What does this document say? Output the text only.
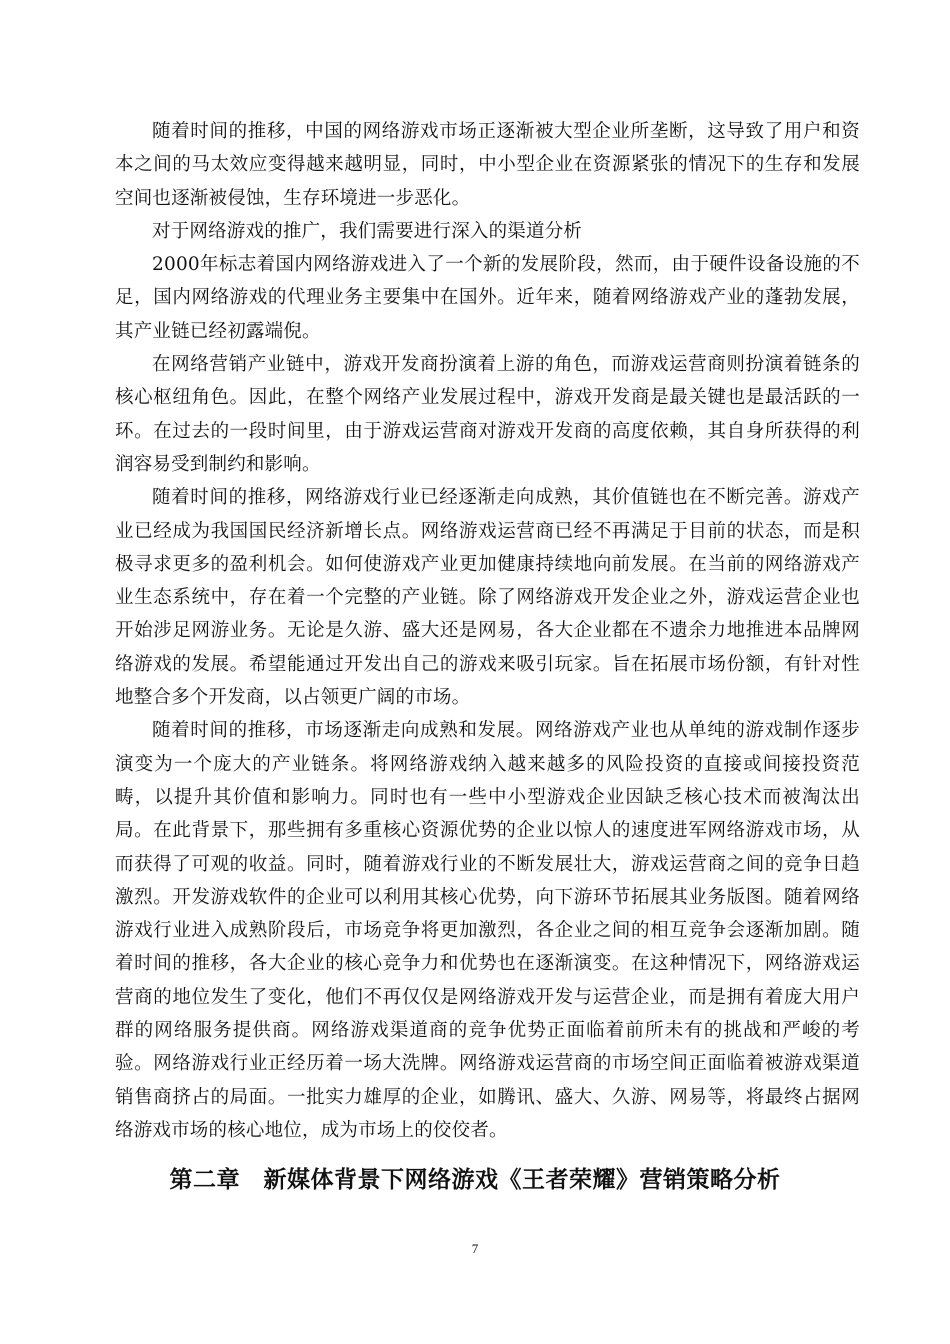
随着时间的推移，中国的网络游戏市场正逐渐被大型企业所垄断，这导致了用户和资本之间的马太效应变得越来越明显，同时，中小型企业在资源紧张的情况下的生存和发展空间也逐渐被侵蚀，生存环境进一步恶化。

对于网络游戏的推广，我们需要进行深入的渠道分析

2000年标志着国内网络游戏进入了一个新的发展阶段，然而，由于硬件设备设施的不足，国内网络游戏的代理业务主要集中在国外。近年来，随着网络游戏产业的蓬勃发展，其产业链已经初露端倪。

在网络营销产业链中，游戏开发商扮演着上游的角色，而游戏运营商则扮演着链条的核心枢纽角色。因此，在整个网络产业发展过程中，游戏开发商是最关键也是最活跃的一环。在过去的一段时间里，由于游戏运营商对游戏开发商的高度依赖，其自身所获得的利润容易受到制约和影响。

随着时间的推移，网络游戏行业已经逐渐走向成熟，其价值链也在不断完善。游戏产业已经成为我国国民经济新增长点。网络游戏运营商已经不再满足于目前的状态，而是积极寻求更多的盈利机会。如何使游戏产业更加健康持续地向前发展。在当前的网络游戏产业生态系统中，存在着一个完整的产业链。除了网络游戏开发企业之外，游戏运营企业也开始涉足网游业务。无论是久游、盛大还是网易，各大企业都在不遗余力地推进本品牌网络游戏的发展。希望能通过开发出自己的游戏来吸引玩家。旨在拓展市场份额，有针对性地整合多个开发商，以占领更广阔的市场。

随着时间的推移，市场逐渐走向成熟和发展。网络游戏产业也从单纯的游戏制作逐步演变为一个庞大的产业链条。将网络游戏纳入越来越多的风险投资的直接或间接投资范畴，以提升其价值和影响力。同时也有一些中小型游戏企业因缺乏核心技术而被淘汰出局。在此背景下，那些拥有多重核心资源优势的企业以惊人的速度进军网络游戏市场，从而获得了可观的收益。同时，随着游戏行业的不断发展壮大，游戏运营商之间的竞争日趋激烈。开发游戏软件的企业可以利用其核心优势，向下游环节拓展其业务版图。随着网络游戏行业进入成熟阶段后，市场竞争将更加激烈，各企业之间的相互竞争会逐渐加剧。随着时间的推移，各大企业的核心竞争力和优势也在逐渐演变。在这种情况下，网络游戏运营商的地位发生了变化，他们不再仅仅是网络游戏开发与运营企业，而是拥有着庞大用户群的网络服务提供商。网络游戏渠道商的竞争优势正面临着前所未有的挑战和严峻的考验。网络游戏行业正经历着一场大洗牌。网络游戏运营商的市场空间正面临着被游戏渠道销售商挤占的局面。一批实力雄厚的企业，如腾讯、盛大、久游、网易等，将最终占据网络游戏市场的核心地位，成为市场上的佼佼者。

第二章　新媒体背景下网络游戏《王者荣耀》营销策略分析
7
